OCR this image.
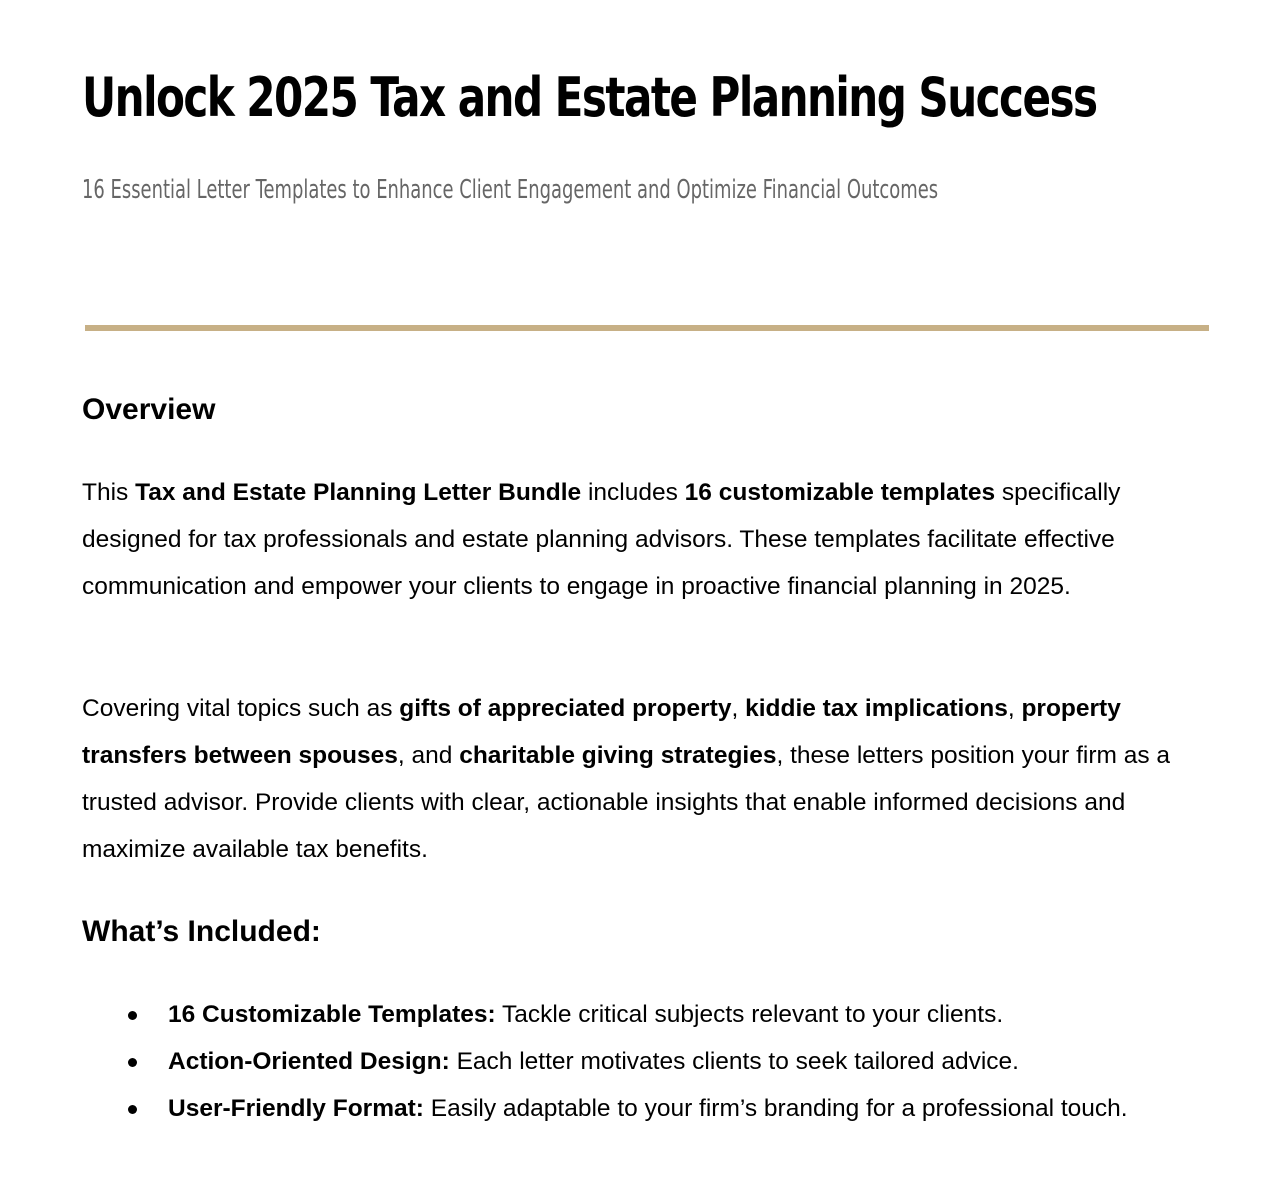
Unlock 2025 Tax and Estate Planning Success
16 Essential Letter Templates to Enhance Client Engagement and Optimize Financial Outcomes
Overview

This Tax and Estate Planning Letter Bundle includes 16 customizable templates specifically designed for tax professionals and estate planning advisors. These templates facilitate effective communication and empower your clients to engage in proactive financial planning in 2025.

Covering vital topics such as gifts of appreciated property, kiddie tax implications, property transfers between spouses, and charitable giving strategies, these letters position your firm as a trusted advisor. Provide clients with clear, actionable insights that enable informed decisions and maximize available tax benefits.

What’s Included:
16 Customizable Templates: Tackle critical subjects relevant to your clients.
Action-Oriented Design: Each letter motivates clients to seek tailored advice.
User-Friendly Format: Easily adaptable to your firm’s branding for a professional touch.
